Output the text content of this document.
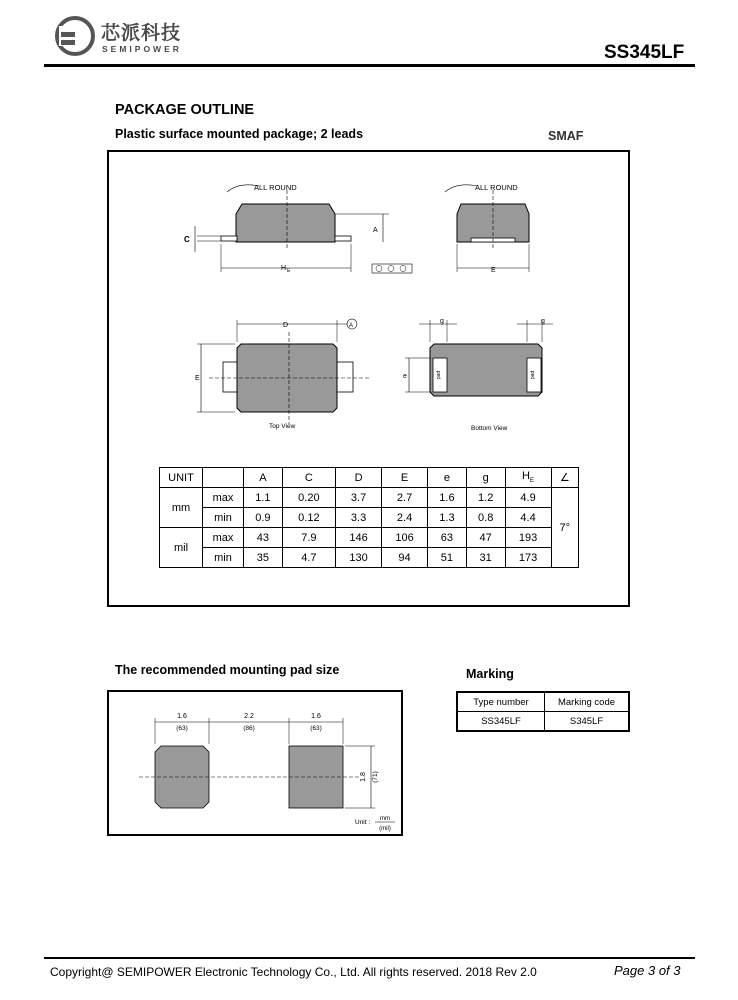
芯派科技
SEMIPOWER	SS345LF
PACKAGE OUTLINE
Plastic surface mounted package; 2 leads	SMAF
ALL ROUND
C
A
H E
ALL ROUND
E
D	A
E
Top View
pad	pad
g	g
e
Bottom View
UNIT		A	C	D	E	e	g	$H_E$	∠
mm	max	1.1	0.20	3.7	2.7	1.6	1.2	4.9	7°
	min	0.9	0.12	3.3	2.4	1.3	0.8	4.4	
mil	max	43	7.9	146	106	63	47	193	
	min	35	4.7	130	94	51	31	173	
The recommended mounting pad size
1.6
(63)
2.2
(86)
1.6
(63)
1.8 (71)
Unit : mm
(mil)
Marking
Type number	Marking code
SS345LF	S345LF
Copyright@ SEMIPOWER Electronic Technology Co., Ltd. All rights reserved. 2018 Rev 2.0	Page 3 of 3
